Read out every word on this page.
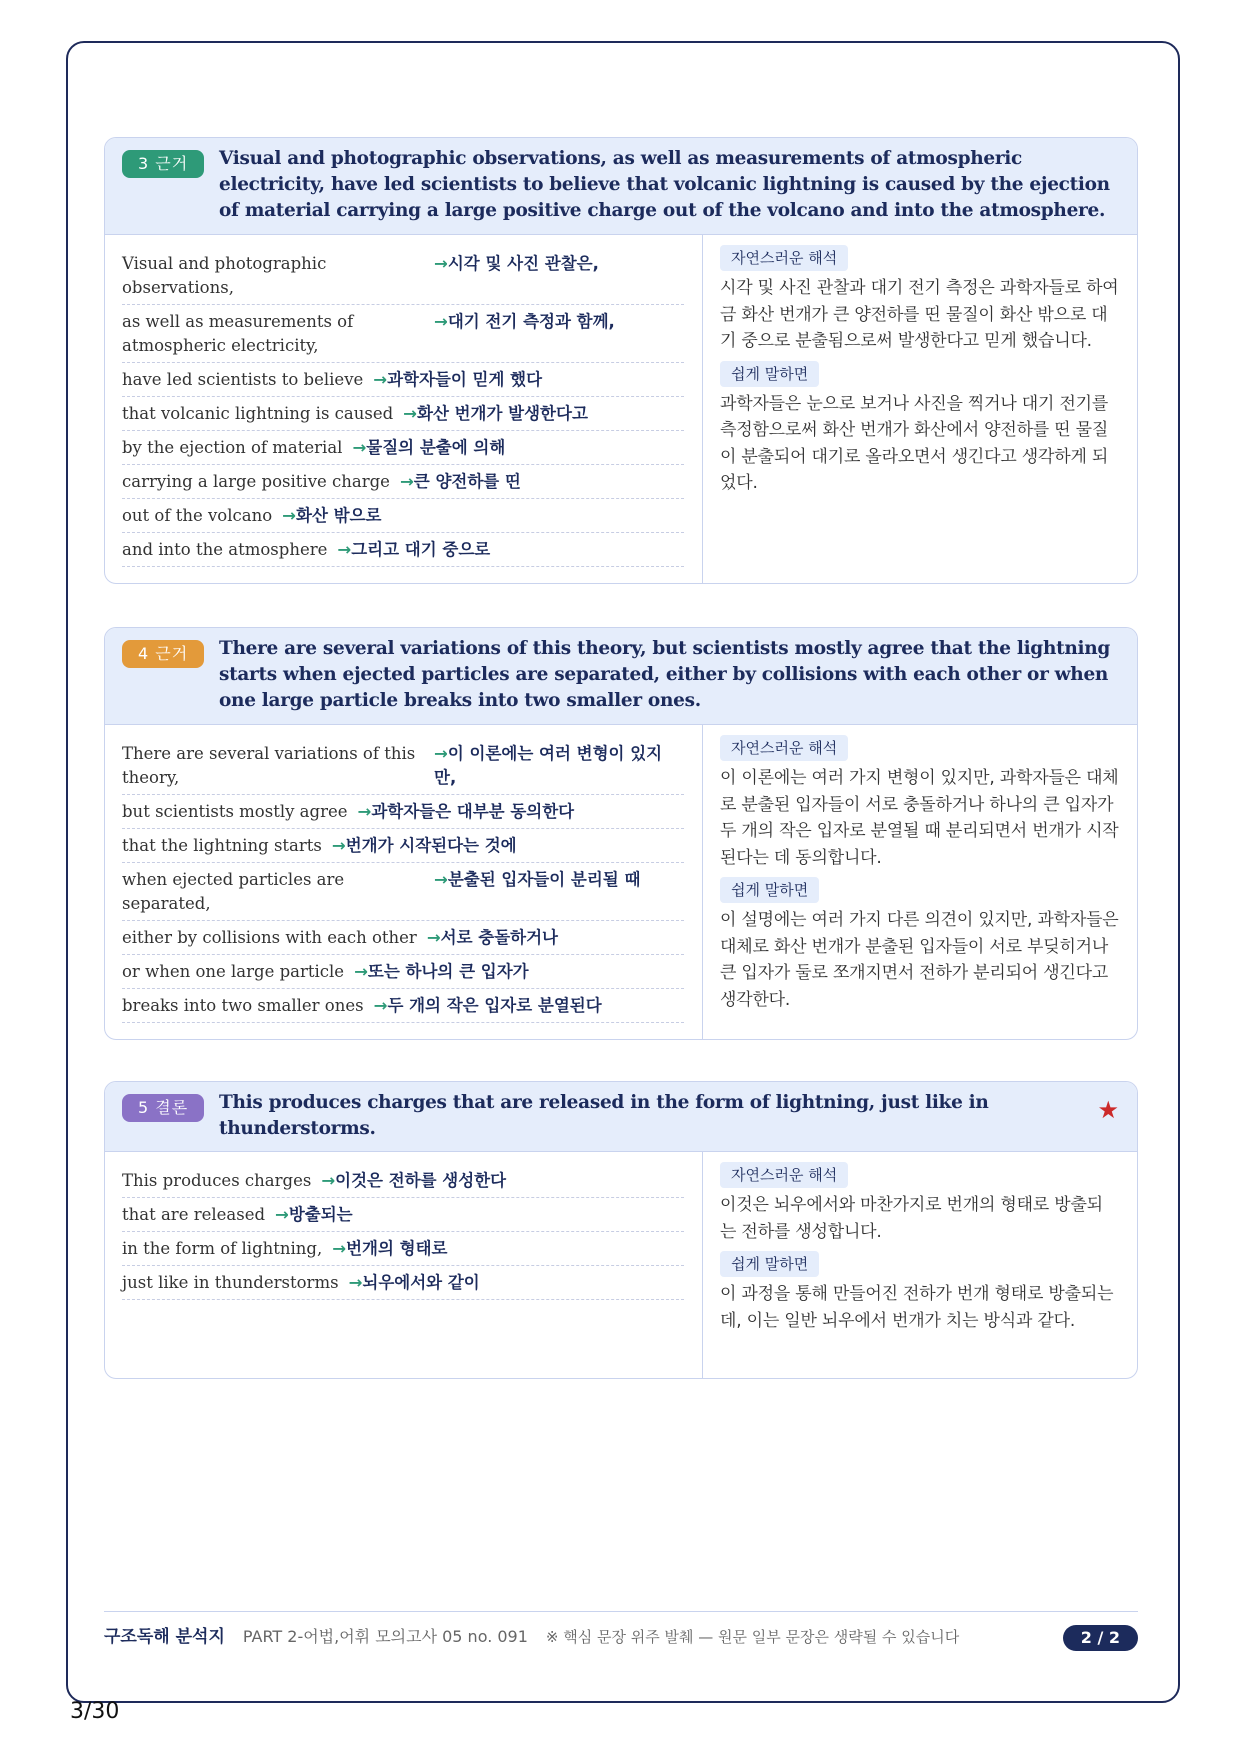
3 근거	Visual and photographic observations, as well as measurements of atmospheric electricity, have led scientists to believe that volcanic lightning is caused by the ejection of material carrying a large positive charge out of the volcano and into the atmosphere.
Visual and photographic observations,
→시각 및 사진 관찰은,
as well as measurements of atmospheric electricity,
→대기 전기 측정과 함께,
have led scientists to believe →과학자들이 믿게 했다
that volcanic lightning is caused →화산 번개가 발생한다고
by the ejection of material →물질의 분출에 의해
carrying a large positive charge →큰 양전하를 띤
out of the volcano →화산 밖으로
and into the atmosphere →그리고 대기 중으로
자연스러운 해석

시각 및 사진 관찰과 대기 전기 측정은 과학자들로 하여금 화산 번개가 큰 양전하를 띤 물질이 화산 밖으로 대기 중으로 분출됨으로써 발생한다고 믿게 했습니다.

쉽게 말하면

과학자들은 눈으로 보거나 사진을 찍거나 대기 전기를 측정함으로써 화산 번개가 화산에서 양전하를 띤 물질이 분출되어 대기로 올라오면서 생긴다고 생각하게 되었다.

4 근거	There are several variations of this theory, but scientists mostly agree that the lightning starts when ejected particles are separated, either by collisions with each other or when one large particle breaks into two smaller ones.
There are several variations of this theory,
→이 이론에는 여러 변형이 있지만,
but scientists mostly agree →과학자들은 대부분 동의한다
that the lightning starts →번개가 시작된다는 것에
when ejected particles are separated,
→분출된 입자들이 분리될 때
either by collisions with each other →서로 충돌하거나
or when one large particle →또는 하나의 큰 입자가
breaks into two smaller ones →두 개의 작은 입자로 분열된다
자연스러운 해석

이 이론에는 여러 가지 변형이 있지만, 과학자들은 대체로 분출된 입자들이 서로 충돌하거나 하나의 큰 입자가 두 개의 작은 입자로 분열될 때 분리되면서 번개가 시작된다는 데 동의합니다.

쉽게 말하면

이 설명에는 여러 가지 다른 의견이 있지만, 과학자들은 대체로 화산 번개가 분출된 입자들이 서로 부딪히거나 큰 입자가 둘로 쪼개지면서 전하가 분리되어 생긴다고 생각한다.

5 결론	This produces charges that are released in the form of lightning, just like in thunderstorms.
★
This produces charges →이것은 전하를 생성한다
that are released →방출되는
in the form of lightning, →번개의 형태로
just like in thunderstorms →뇌우에서와 같이
자연스러운 해석

이것은 뇌우에서와 마찬가지로 번개의 형태로 방출되는 전하를 생성합니다.

쉽게 말하면

이 과정을 통해 만들어진 전하가 번개 형태로 방출되는데, 이는 일반 뇌우에서 번개가 치는 방식과 같다.

구조독해 분석지 PART 2-어법,어휘 모의고사 05 no. 091 ※ 핵심 문장 위주 발췌 — 원문 일부 문장은 생략될 수 있습니다	2 / 2
3/30
